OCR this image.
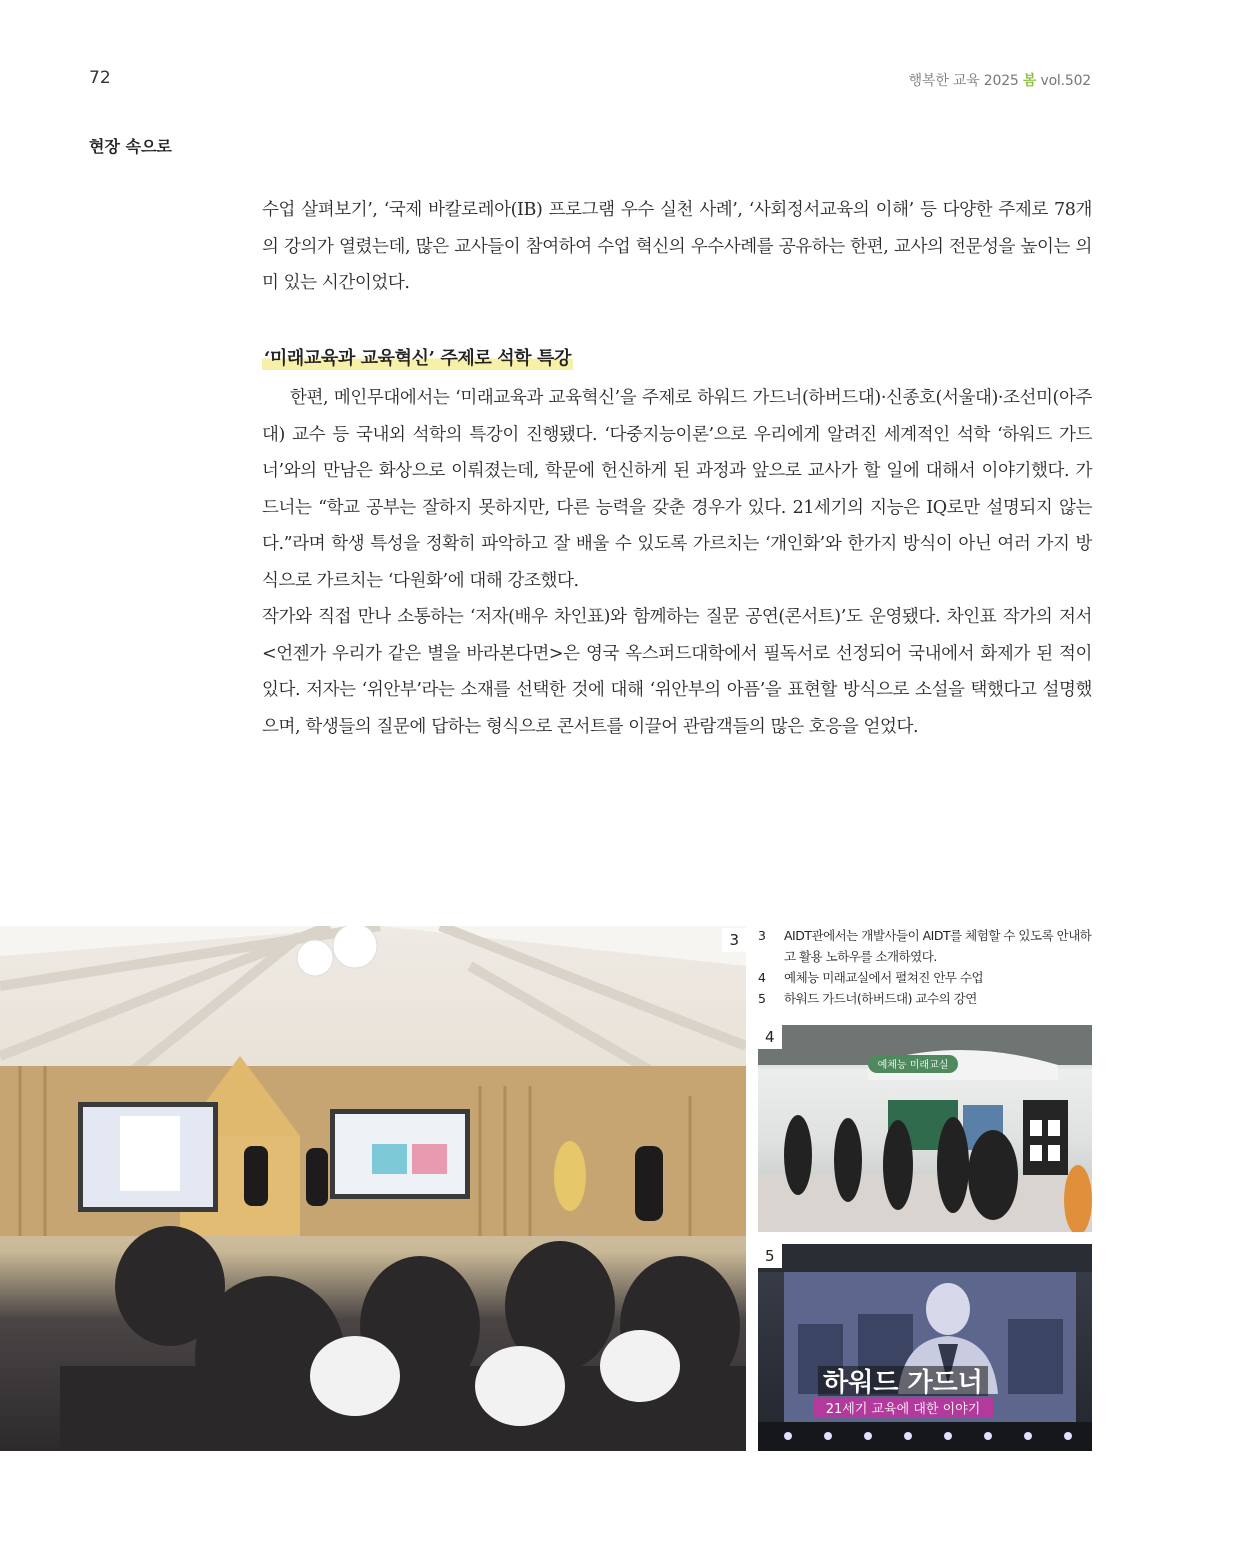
72	행복한 교육 2025 봄 vol.502
현장 속으로

수업 살펴보기’, ‘국제 바칼로레아(IB) 프로그램 우수 실천 사례’, ‘사회정서교육의 이해’ 등 다양한 주제로 78개의 강의가 열렸는데, 많은 교사들이 참여하여 수업 혁신의 우수사례를 공유하는 한편, 교사의 전문성을 높이는 의미 있는 시간이었다.

‘미래교육과 교육혁신’ 주제로 석학 특강

한편, 메인무대에서는 ‘미래교육과 교육혁신’을 주제로 하워드 가드너(하버드대)·신종호(서울대)·조선미(아주대) 교수 등 국내외 석학의 특강이 진행됐다. ‘다중지능이론’으로 우리에게 알려진 세계적인 석학 ‘하워드 가드너’와의 만남은 화상으로 이뤄졌는데, 학문에 헌신하게 된 과정과 앞으로 교사가 할 일에 대해서 이야기했다. 가드너는 “학교 공부는 잘하지 못하지만, 다른 능력을 갖춘 경우가 있다. 21세기의 지능은 IQ로만 설명되지 않는다.”라며 학생 특성을 정확히 파악하고 잘 배울 수 있도록 가르치는 ‘개인화’와 한가지 방식이 아닌 여러 가지 방식으로 가르치는 ‘다원화’에 대해 강조했다.

작가와 직접 만나 소통하는 ‘저자(배우 차인표)와 함께하는 질문 공연(콘서트)’도 운영됐다. 차인표 작가의 저서 <언젠가 우리가 같은 별을 바라본다면>은 영국 옥스퍼드대학에서 필독서로 선정되어 국내에서 화제가 된 적이 있다. 저자는 ‘위안부’라는 소재를 선택한 것에 대해 ‘위안부의 아픔’을 표현할 방식으로 소설을 택했다고 설명했으며, 학생들의 질문에 답하는 형식으로 콘서트를 이끌어 관람객들의 많은 호응을 얻었다.

3	3	AIDT관에서는 개발사들이 AIDT를 체험할 수 있도록 안내하고 활용 노하우를 소개하였다.
4	예체능 미래교실에서 펼쳐진 안무 수업
5	하워드 가드너(하버드대) 교수의 강연
예체능 미래교실
4
하워드 가드너
21세기 교육에 대한 이야기
5
